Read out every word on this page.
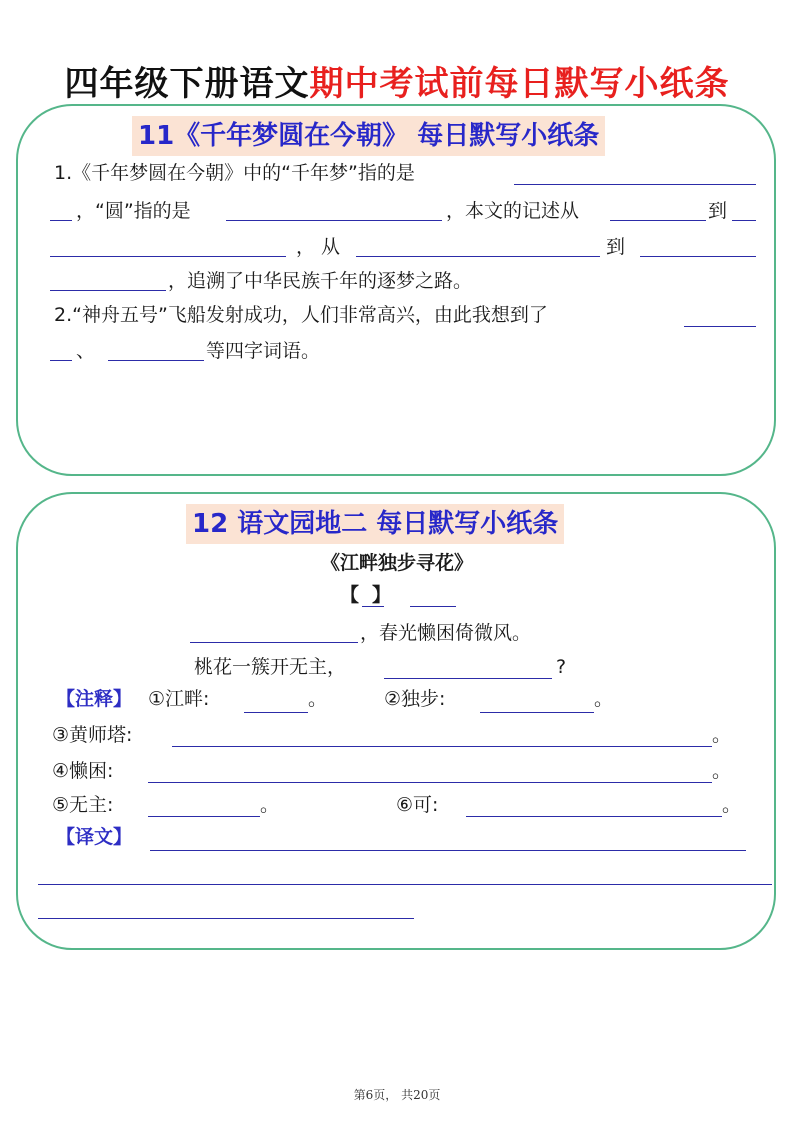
四年级下册语文期中考试前每日默写小纸条
11《千年梦圆在今朝》 每日默写小纸条
1.《千年梦圆在今朝》中的“千年梦”指的是
，“圆”指的是	，本文的记述从	到
， 从	到
，追溯了中华民族千年的逐梦之路。
2.“神舟五号”飞船发射成功，人们非常高兴，由此我想到了
、	等四字词语。
12 语文园地二 每日默写小纸条
《江畔独步寻花》
【 】
，春光懒困倚微风。
桃花一簇开无主，	?
【注释】 ①江畔:	。	②独步:	。
③黄师塔:	。
④懒困:	。
⑤无主:	。	⑥可:	。
【译文】
第6页， 共20页
